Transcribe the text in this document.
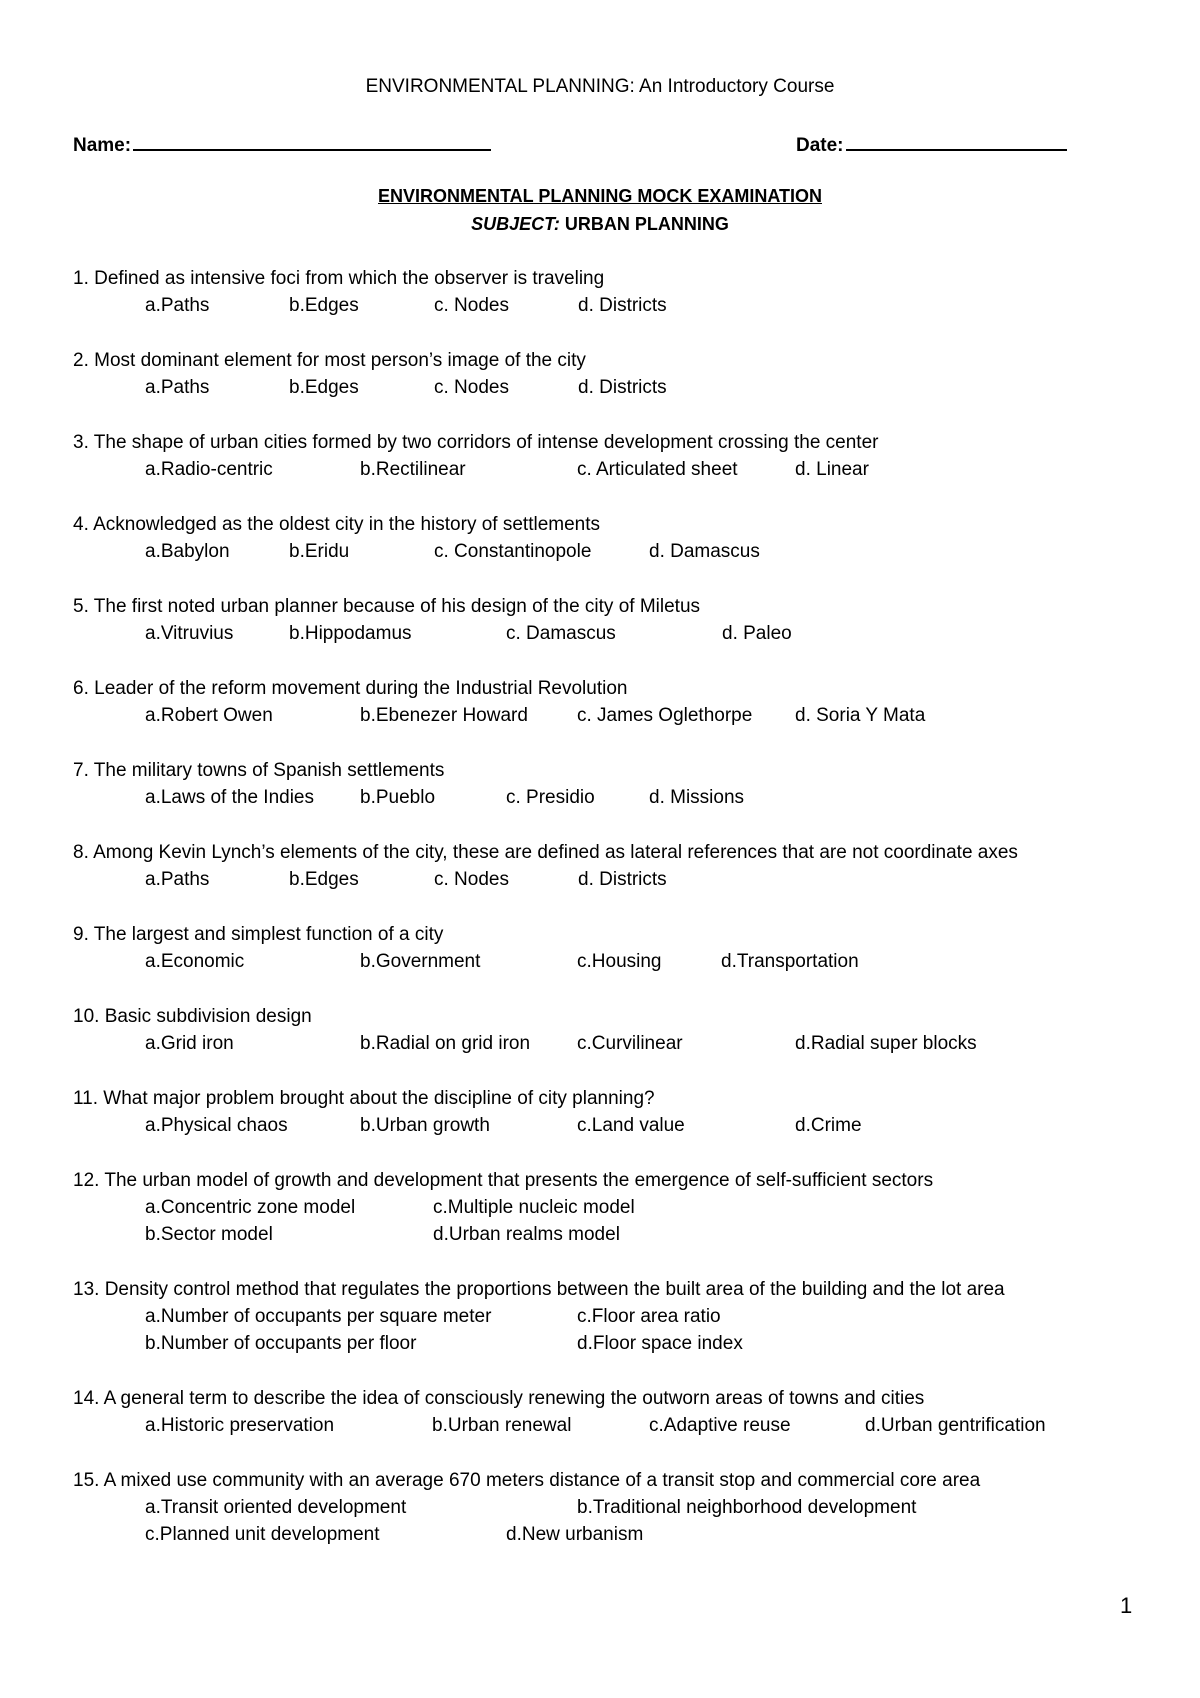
ENVIRONMENTAL PLANNING: An Introductory Course
Name:	Date:
ENVIRONMENTAL PLANNING MOCK EXAMINATION
SUBJECT: URBAN PLANNING
1. Defined as intensive foci from which the observer is traveling
a.Paths	b.Edges	c. Nodes	d. Districts
2. Most dominant element for most person’s image of the city
a.Paths	b.Edges	c. Nodes	d. Districts
3. The shape of urban cities formed by two corridors of intense development crossing the center
a.Radio-centric	b.Rectilinear	c. Articulated sheet	d. Linear
4. Acknowledged as the oldest city in the history of settlements
a.Babylon	b.Eridu	c. Constantinopole	d. Damascus
5. The first noted urban planner because of his design of the city of Miletus
a.Vitruvius	b.Hippodamus	c. Damascus	d. Paleo
6. Leader of the reform movement during the Industrial Revolution
a.Robert Owen	b.Ebenezer Howard	c. James Oglethorpe d. Soria Y Mata
7. The military towns of Spanish settlements
a.Laws of the Indies b.Pueblo	c. Presidio	d. Missions
8. Among Kevin Lynch’s elements of the city, these are defined as lateral references that are not coordinate axes
a.Paths	b.Edges	c. Nodes	d. Districts
9. The largest and simplest function of a city
a.Economic	b.Government	c.Housing	d.Transportation
10. Basic subdivision design
a.Grid iron	b.Radial on grid iron c.Curvilinear	d.Radial super blocks
11. What major problem brought about the discipline of city planning?
a.Physical chaos	b.Urban growth	c.Land value	d.Crime
12. The urban model of growth and development that presents the emergence of self-sufficient sectors
a.Concentric zone model	c.Multiple nucleic model
b.Sector model	d.Urban realms model
13. Density control method that regulates the proportions between the built area of the building and the lot area
a.Number of occupants per square meter	c.Floor area ratio
b.Number of occupants per floor	d.Floor space index
14. A general term to describe the idea of consciously renewing the outworn areas of towns and cities
a.Historic preservation	b.Urban renewal	c.Adaptive reuse	d.Urban gentrification
15. A mixed use community with an average 670 meters distance of a transit stop and commercial core area
a.Transit oriented development	b.Traditional neighborhood development
c.Planned unit development	d.New urbanism
1
